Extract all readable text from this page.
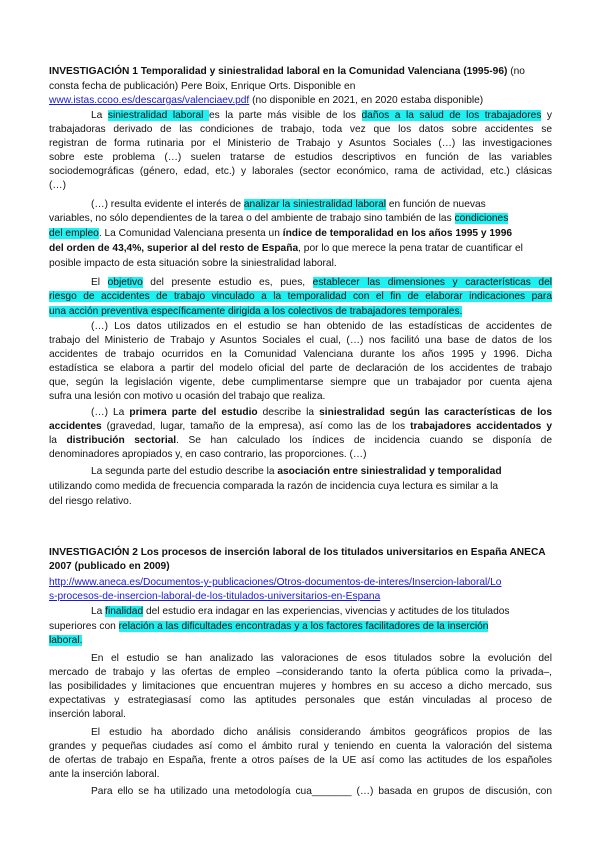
INVESTIGACIÓN 1 Temporalidad y siniestralidad laboral en la Comunidad Valenciana (1995-96) (no
consta fecha de publicación) Pere Boix, Enrique Orts. Disponible en
www.istas.ccoo.es/descargas/valenciaev.pdf (no disponible en 2021, en 2020 estaba disponible)
La siniestralidad laboral es la parte más visible de los daños a la salud de los trabajadores y
trabajadoras derivado de las condiciones de trabajo, toda vez que los datos sobre accidentes se
registran de forma rutinaria por el Ministerio de Trabajo y Asuntos Sociales (…) las investigaciones
sobre este problema (…) suelen tratarse de estudios descriptivos en función de las variables
sociodemográficas (género, edad, etc.) y laborales (sector económico, rama de actividad, etc.) clásicas
(…)
(…) resulta evidente el interés de analizar la siniestralidad laboral en función de nuevas
variables, no sólo dependientes de la tarea o del ambiente de trabajo sino también de las condiciones
del empleo. La Comunidad Valenciana presenta un índice de temporalidad en los años 1995 y 1996
del orden de 43,4%, superior al del resto de España, por lo que merece la pena tratar de cuantificar el
posible impacto de esta situación sobre la siniestralidad laboral.
El objetivo del presente estudio es, pues, establecer las dimensiones y características del
riesgo de accidentes de trabajo vinculado a la temporalidad con el fin de elaborar indicaciones para
una acción preventiva específicamente dirigida a los colectivos de trabajadores temporales.
(…) Los datos utilizados en el estudio se han obtenido de las estadísticas de accidentes de
trabajo del Ministerio de Trabajo y Asuntos Sociales el cual, (…) nos facilitó una base de datos de los
accidentes de trabajo ocurridos en la Comunidad Valenciana durante los años 1995 y 1996. Dicha
estadística se elabora a partir del modelo oficial del parte de declaración de los accidentes de trabajo
que, según la legislación vigente, debe cumplimentarse siempre que un trabajador por cuenta ajena
sufra una lesión con motivo u ocasión del trabajo que realiza.
(…) La primera parte del estudio describe la siniestralidad según las características de los
accidentes (gravedad, lugar, tamaño de la empresa), así como las de los trabajadores accidentados y
la distribución sectorial. Se han calculado los índices de incidencia cuando se disponía de
denominadores apropiados y, en caso contrario, las proporciones. (…)
La segunda parte del estudio describe la asociación entre siniestralidad y temporalidad
utilizando como medida de frecuencia comparada la razón de incidencia cuya lectura es similar a la
del riesgo relativo.
INVESTIGACIÓN 2 Los procesos de inserción laboral de los titulados universitarios en España ANECA
2007 (publicado en 2009)
http://www.aneca.es/Documentos-y-publicaciones/Otros-documentos-de-interes/Insercion-laboral/Lo
s-procesos-de-insercion-laboral-de-los-titulados-universitarios-en-Espana
La finalidad del estudio era indagar en las experiencias, vivencias y actitudes de los titulados
superiores con relación a las dificultades encontradas y a los factores facilitadores de la inserción
laboral.
En el estudio se han analizado las valoraciones de esos titulados sobre la evolución del
mercado de trabajo y las ofertas de empleo –considerando tanto la oferta pública como la privada–,
las posibilidades y limitaciones que encuentran mujeres y hombres en su acceso a dicho mercado, sus
expectativas y estrategiasasí como las aptitudes personales que están vinculadas al proceso de
inserción laboral.
El estudio ha abordado dicho análisis considerando ámbitos geográficos propios de las
grandes y pequeñas ciudades así como el ámbito rural y teniendo en cuenta la valoración del sistema
de ofertas de trabajo en España, frente a otros países de la UE así como las actitudes de los españoles
ante la inserción laboral.
Para ello se ha utilizado una metodología cua_______ (…) basada en grupos de discusión, con
